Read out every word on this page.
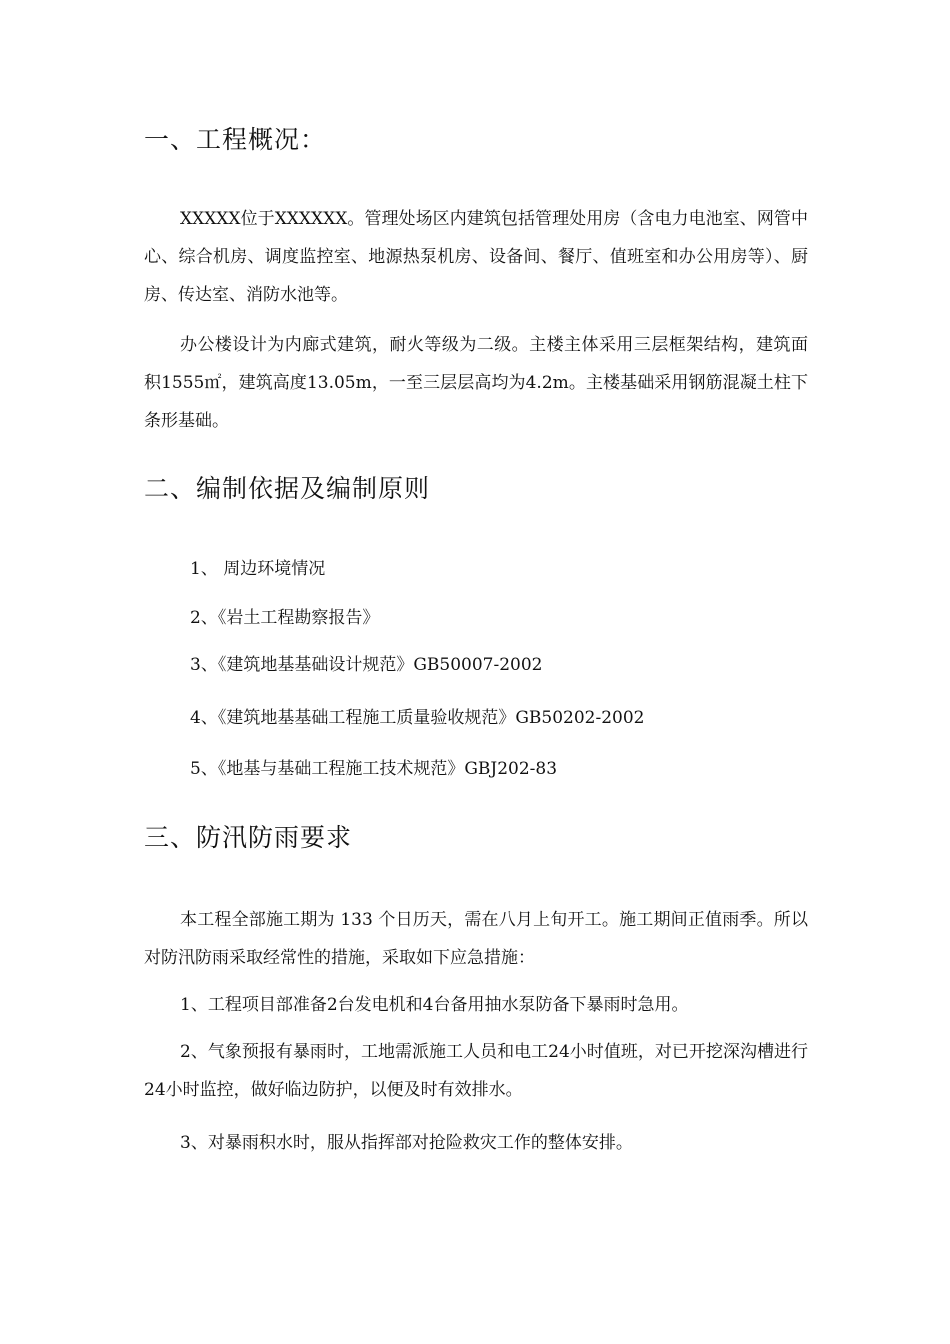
一、工程概况：

XXXXX位于XXXXXX。管理处场区内建筑包括管理处用房（含电力电池室、网管中心、综合机房、调度监控室、地源热泵机房、设备间、餐厅、值班室和办公用房等）、厨房、传达室、消防水池等。

办公楼设计为内廊式建筑，耐火等级为二级。主楼主体采用三层框架结构，建筑面积1555㎡，建筑高度13.05m，一至三层层高均为4.2m。主楼基础采用钢筋混凝土柱下条形基础。

二、编制依据及编制原则
1、 周边环境情况
2、《岩土工程勘察报告》
3、《建筑地基基础设计规范》GB50007-2002
4、《建筑地基基础工程施工质量验收规范》GB50202-2002
5、《地基与基础工程施工技术规范》GBJ202-83
三、防汛防雨要求

本工程全部施工期为 133 个日历天，需在八月上旬开工。施工期间正值雨季。所以对防汛防雨采取经常性的措施，采取如下应急措施：

1、工程项目部准备2台发电机和4台备用抽水泵防备下暴雨时急用。

2、气象预报有暴雨时，工地需派施工人员和电工24小时值班，对已开挖深沟槽进行24小时监控，做好临边防护，以便及时有效排水。

3、对暴雨积水时，服从指挥部对抢险救灾工作的整体安排。
